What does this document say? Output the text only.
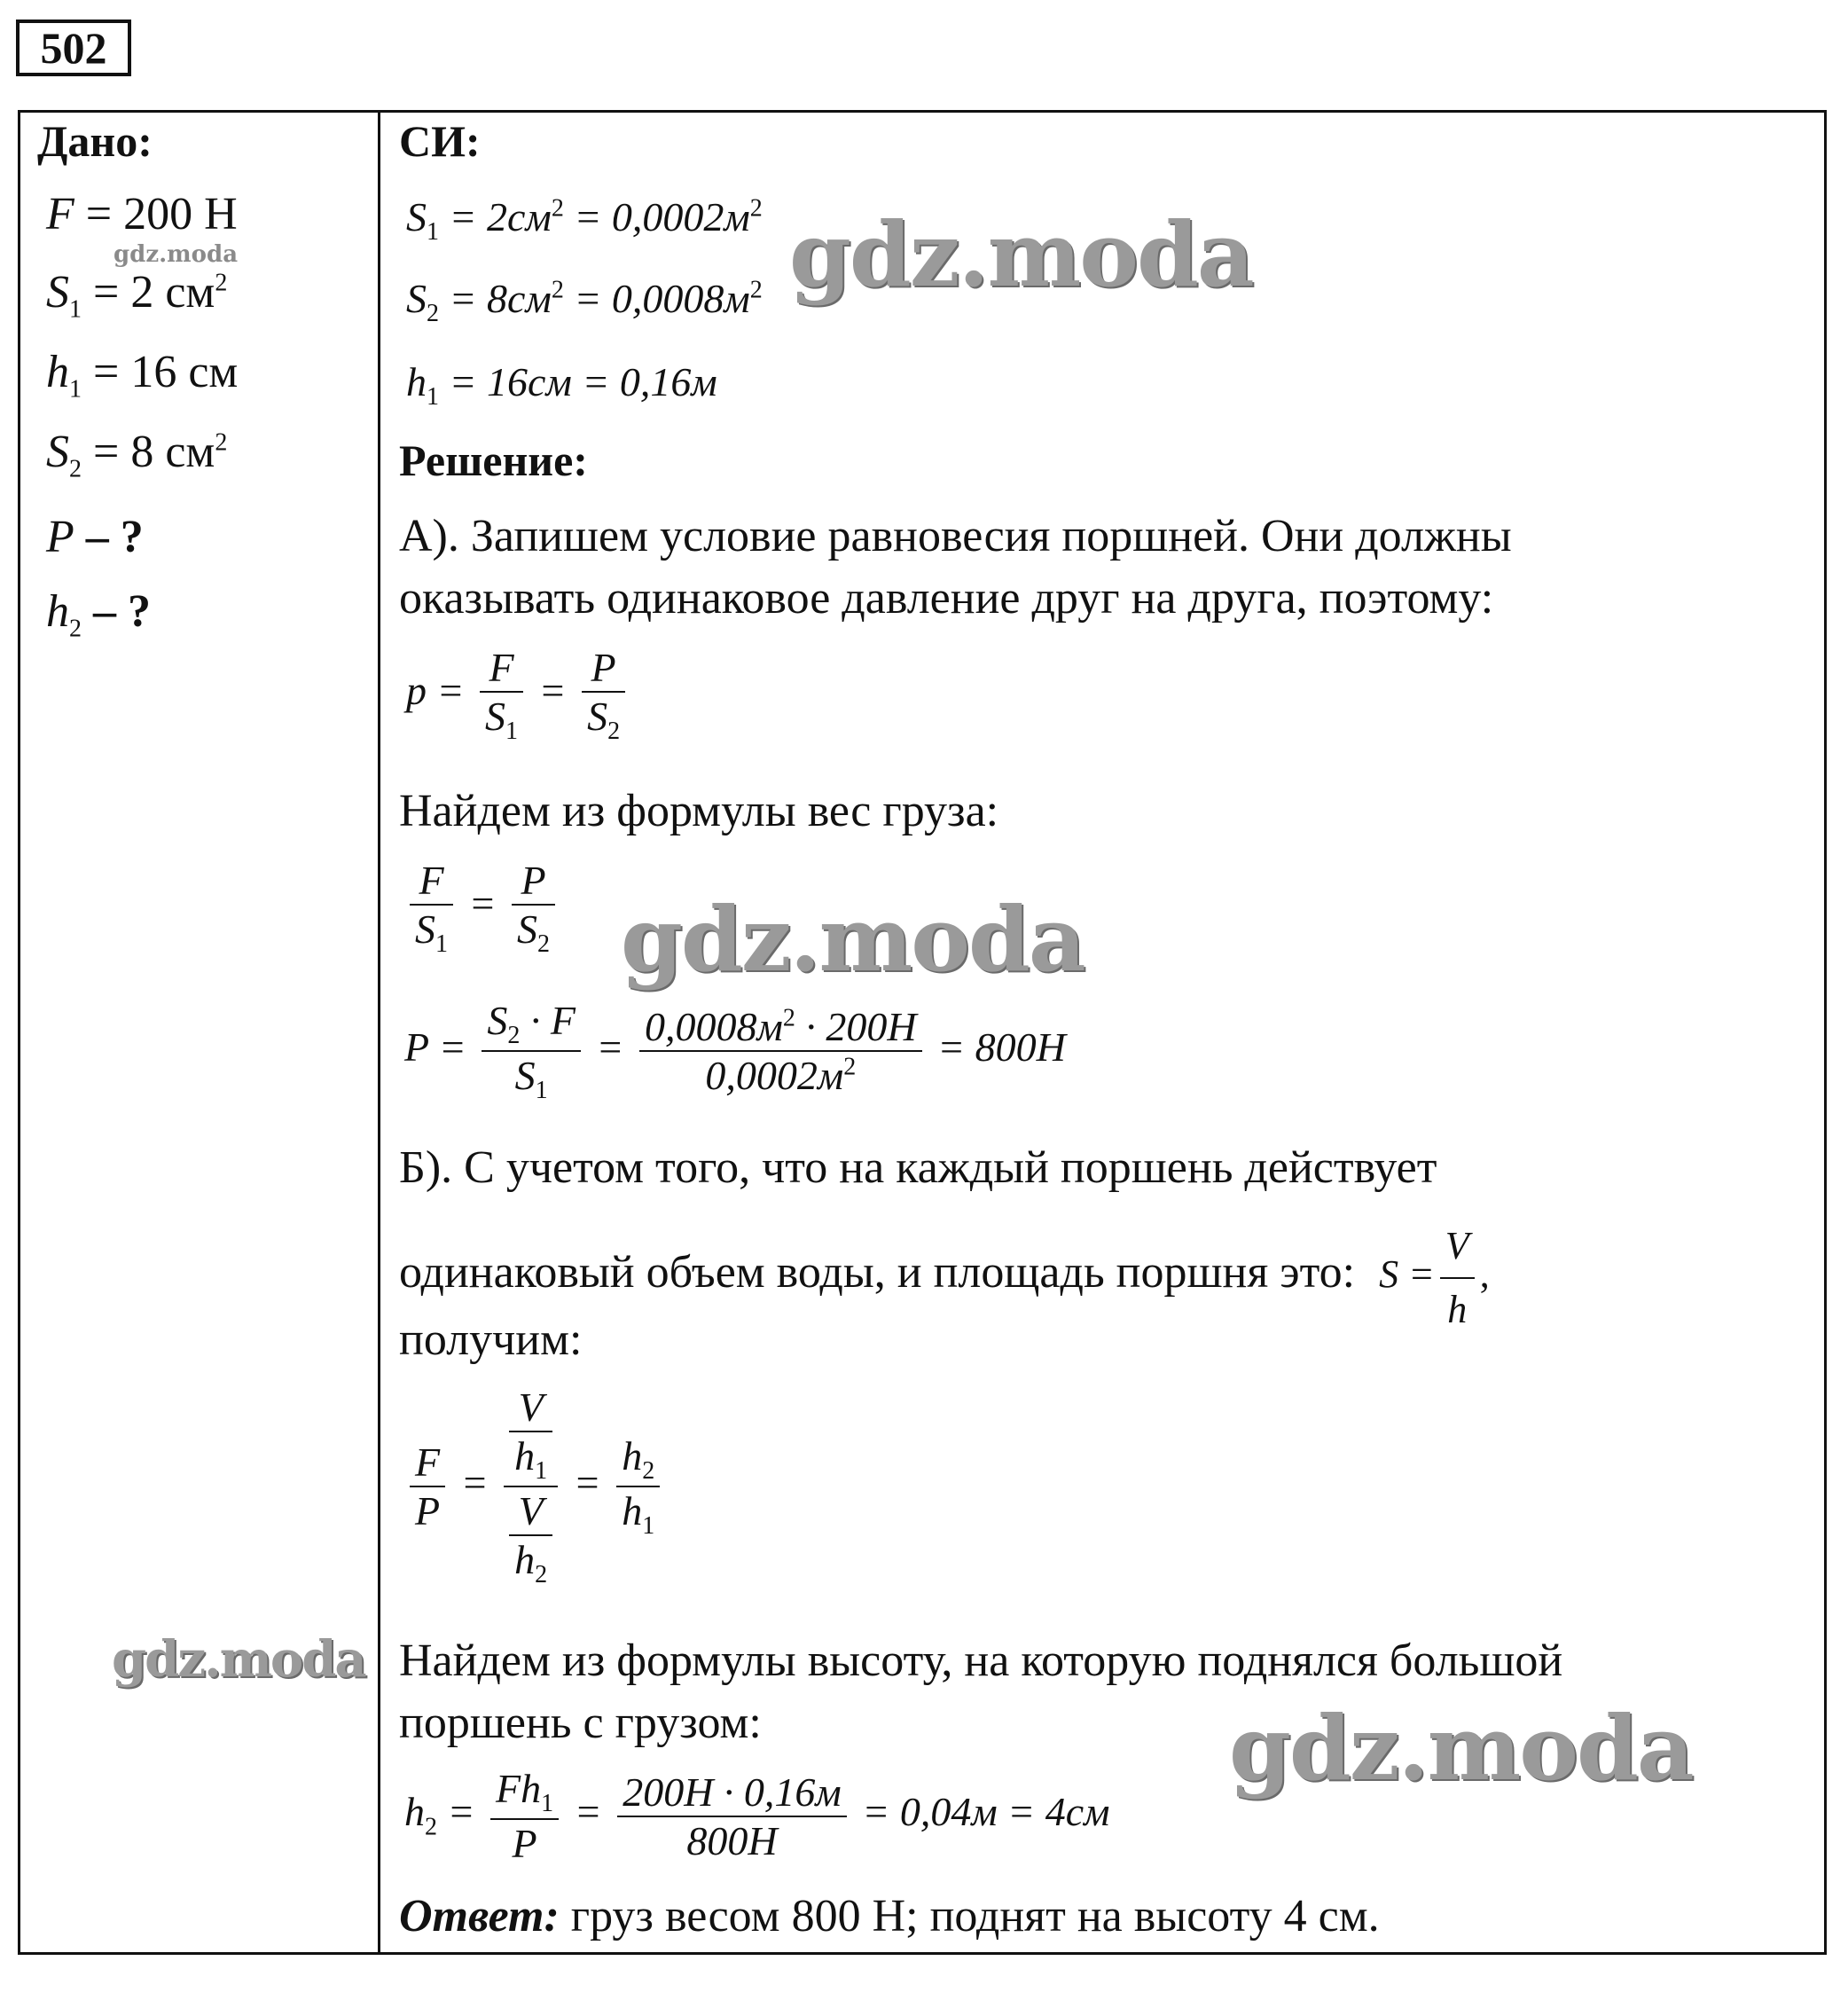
502
Дано:
F = 200 Н
$S_1 = 2$ $см^2$
$h_1 = 16$ см
$S_2 = 8$ $см^2$
P – ?
$h_2$ – ?
gdz.moda
gdz.moda
СИ:
$S_1 = 2см^2 = 0,0002м^2$
$S_2 = 8см^2 = 0,0008м^2$
$h_1 = 16см = 0,16м$
gdz.moda
Решение:
А). Запишем условие равновесия поршней. Они должны
оказывать одинаковое давление друг на друга, поэтому:
$p = \frac{F}{S_1} = \frac{P}{S_2}$
Найдем из формулы вес груза:
$\frac{F}{S_1} = \frac{P}{S_2}$ gdz.moda
$P = \frac{S_2 \cdot F}{S_1} = \frac{0,0008м^2 \cdot 200Н}{0,0002м^2} = 800Н$
Б). С учетом того, что на каждый поршень действует
одинаковый объем воды, и площадь поршня это: $S = \frac{V}{h}$ ,
получим:
$\frac{F}{P} = \frac{\frac{V}{h_1}}{\frac{V}{h_2}} = \frac{h_2}{h_1}$
Найдем из формулы высоту, на которую поднялся большой
поршень с грузом:	gdz.moda
$h_2 = \frac{Fh_1}{P} = \frac{200Н \cdot 0,16м}{800Н} = 0,04м = 4см$
Ответ: груз весом 800 Н; поднят на высоту 4 см.
